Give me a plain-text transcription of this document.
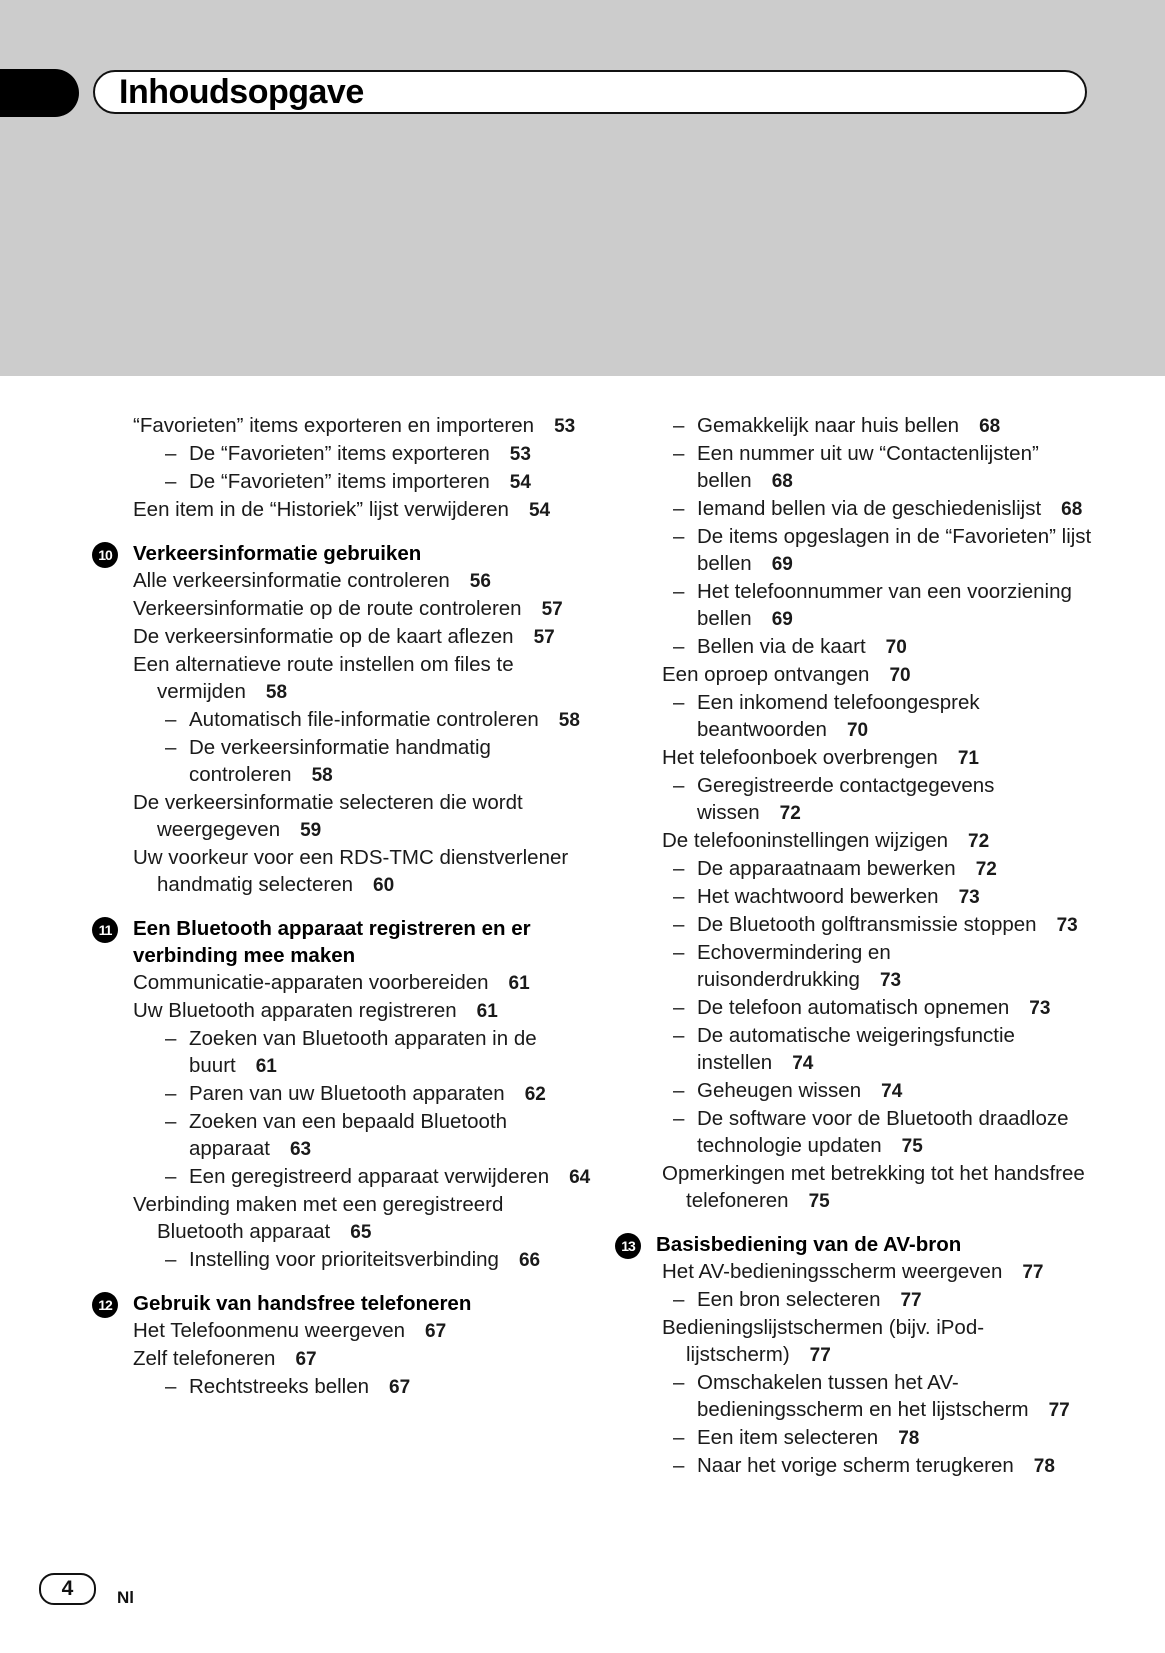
Inhoudsopgave
“Favorieten” items exporteren en importeren 53
– De “Favorieten” items exporteren 53
– De “Favorieten” items importeren 54
Een item in de “Historiek” lijst verwijderen 54
10	Verkeersinformatie gebruiken
Alle verkeersinformatie controleren 56
Verkeersinformatie op de route controleren 57
De verkeersinformatie op de kaart aflezen 57
Een alternatieve route instellen om files te vermijden 58
– Automatisch file-informatie controleren 58
– De verkeersinformatie handmatig controleren 58
De verkeersinformatie selecteren die wordt weergegeven 59
Uw voorkeur voor een RDS-TMC dienstverlener handmatig selecteren 60
11	Een Bluetooth apparaat registreren en er verbinding mee maken
Communicatie-apparaten voorbereiden 61
Uw Bluetooth apparaten registreren 61
– Zoeken van Bluetooth apparaten in de buurt 61
– Paren van uw Bluetooth apparaten 62
– Zoeken van een bepaald Bluetooth apparaat 63
– Een geregistreerd apparaat verwijderen 64
Verbinding maken met een geregistreerd Bluetooth apparaat 65
– Instelling voor prioriteitsverbinding 66
12	Gebruik van handsfree telefoneren
Het Telefoonmenu weergeven 67
Zelf telefoneren 67
– Rechtstreeks bellen 67
– Gemakkelijk naar huis bellen 68
– Een nummer uit uw “Contactenlijsten” bellen 68
– Iemand bellen via de geschiedenislijst 68
– De items opgeslagen in de “Favorieten” lijst bellen 69
– Het telefoonnummer van een voorziening bellen 69
– Bellen via de kaart 70
Een oproep ontvangen 70
– Een inkomend telefoongesprek beantwoorden 70
Het telefoonboek overbrengen 71
– Geregistreerde contactgegevens wissen 72
De telefooninstellingen wijzigen 72
– De apparaatnaam bewerken 72
– Het wachtwoord bewerken 73
– De Bluetooth golftransmissie stoppen 73
– Echovermindering en ruisonderdrukking 73
– De telefoon automatisch opnemen 73
– De automatische weigeringsfunctie instellen 74
– Geheugen wissen 74
– De software voor de Bluetooth draadloze technologie updaten 75
Opmerkingen met betrekking tot het handsfree telefoneren 75
13	Basisbediening van de AV-bron
Het AV-bedieningsscherm weergeven 77
– Een bron selecteren 77
Bedieningslijstschermen (bijv. iPod-lijstscherm) 77
– Omschakelen tussen het AV-bedieningsscherm en het lijstscherm 77
– Een item selecteren 78
– Naar het vorige scherm terugkeren 78
4	Nl
